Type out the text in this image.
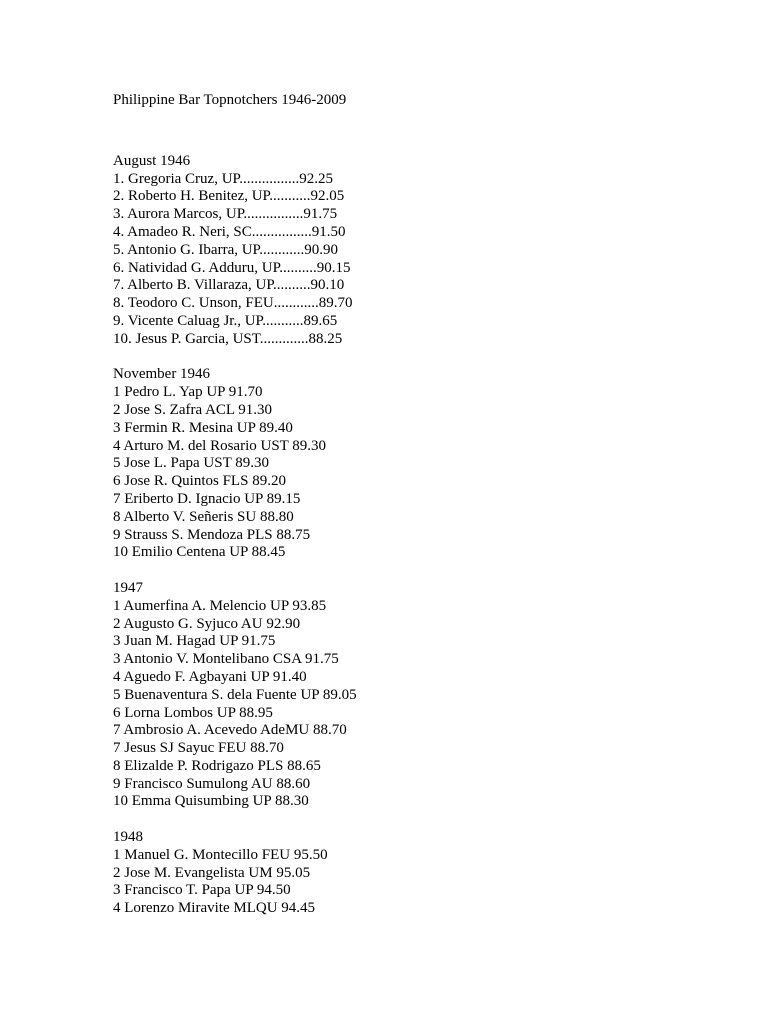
Philippine Bar Topnotchers 1946-2009
August 1946
1. Gregoria Cruz, UP................92.25
2. Roberto H. Benitez, UP...........92.05
3. Aurora Marcos, UP................91.75
4. Amadeo R. Neri, SC................91.50
5. Antonio G. Ibarra, UP............90.90
6. Natividad G. Adduru, UP..........90.15
7. Alberto B. Villaraza, UP..........90.10
8. Teodoro C. Unson, FEU............89.70
9. Vicente Caluag Jr., UP...........89.65
10. Jesus P. Garcia, UST.............88.25
November 1946
1 Pedro L. Yap UP 91.70
2 Jose S. Zafra ACL 91.30
3 Fermin R. Mesina UP 89.40
4 Arturo M. del Rosario UST 89.30
5 Jose L. Papa UST 89.30
6 Jose R. Quintos FLS 89.20
7 Eriberto D. Ignacio UP 89.15
8 Alberto V. Señeris SU 88.80
9 Strauss S. Mendoza PLS 88.75
10 Emilio Centena UP 88.45
1947
1 Aumerfina A. Melencio UP 93.85
2 Augusto G. Syjuco AU 92.90
3 Juan M. Hagad UP 91.75
3 Antonio V. Montelibano CSA 91.75
4 Aguedo F. Agbayani UP 91.40
5 Buenaventura S. dela Fuente UP 89.05
6 Lorna Lombos UP 88.95
7 Ambrosio A. Acevedo AdeMU 88.70
7 Jesus SJ Sayuc FEU 88.70
8 Elizalde P. Rodrigazo PLS 88.65
9 Francisco Sumulong AU 88.60
10 Emma Quisumbing UP 88.30
1948
1 Manuel G. Montecillo FEU 95.50
2 Jose M. Evangelista UM 95.05
3 Francisco T. Papa UP 94.50
4 Lorenzo Miravite MLQU 94.45
